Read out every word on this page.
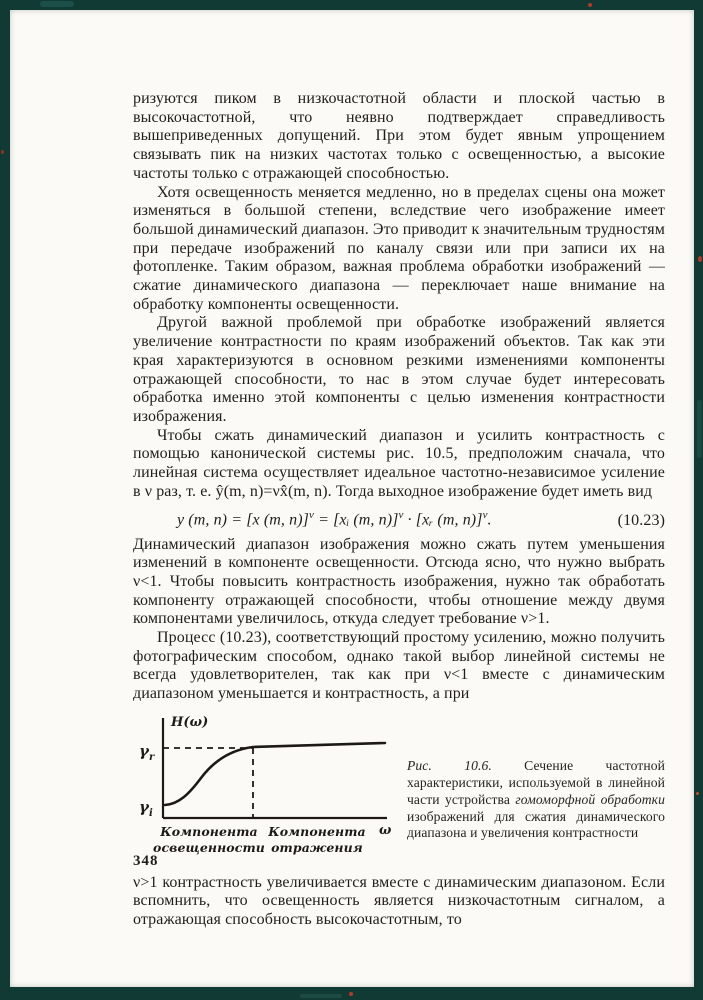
ризуются пиком в низкочастотной области и плоской частью в высокочастотной, что неявно подтверждает справедливость вышеприведенных допущений. При этом будет явным упрощением связывать пик на низких частотах только с освещенностью, а высокие частоты только с отражающей способностью.

Хотя освещенность меняется медленно, но в пределах сцены она может изменяться в большой степени, вследствие чего изображение имеет большой динамический диапазон. Это приводит к значительным трудностям при передаче изображений по каналу связи или при записи их на фотопленке. Таким образом, важная проблема обработки изображений — сжатие динамического диапазона — переключает наше внимание на обработку компоненты освещенности.

Другой важной проблемой при обработке изображений является увеличение контрастности по краям изображений объектов. Так как эти края характеризуются в основном резкими изменениями компоненты отражающей способности, то нас в этом случае будет интересовать обработка именно этой компоненты с целью изменения контрастности изображения.

Чтобы сжать динамический диапазон и усилить контрастность с помощью канонической системы рис. 10.5, предположим сначала, что линейная система осуществляет идеальное частотно-независимое усиление в ν раз, т. е. ŷ(m, n)=νx̂(m, n). Тогда выходное изображение будет иметь вид

y (m, n) = [x (m, n)]$^\nu$ = [xᵢ (m, n)]$^\nu$ · [xᵣ (m, n)]$^\nu$.	(10.23)

Динамический диапазон изображения можно сжать путем уменьшения изменений в компоненте освещенности. Отсюда ясно, что нужно выбрать ν<1. Чтобы повысить контрастность изображения, нужно так обработать компоненту отражающей способности, чтобы отношение между двумя компонентами увеличилось, откуда следует требование ν>1.

Процесс (10.23), соответствующий простому усилению, можно получить фотографическим способом, однако такой выбор линейной системы не всегда удовлетворителен, так как при ν<1 вместе с динамическим диапазоном уменьшается и контрастность, а при

H(ω)
$\gamma_r$
$\gamma_i$
ω
Компонента
освещенности
Компонента
отражения
Рис. 10.6. Сечение частотной характеристики, используемой в линейной части устройства гомоморфной обработки изображений для сжатия динамического диапазона и увеличения контрастности

ν>1 контрастность увеличивается вместе с динамическим диапазоном. Если вспомнить, что освещенность является низкочастотным сигналом, а отражающая способность высокочастотным, то

348
